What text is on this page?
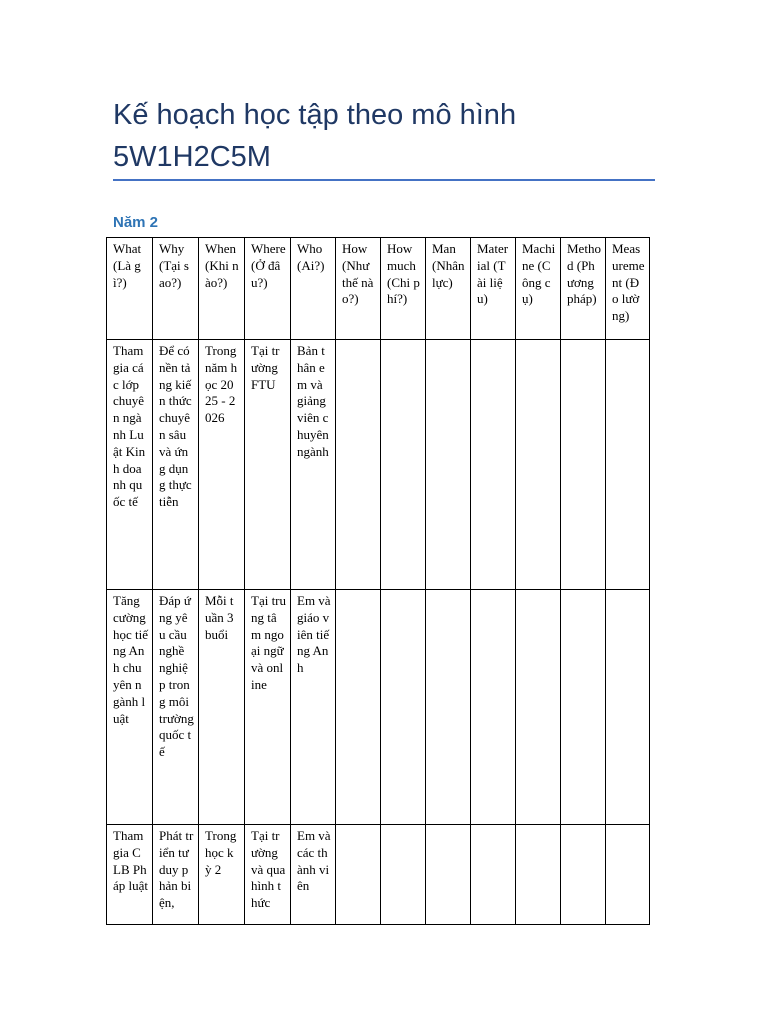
Kế hoạch học tập theo mô hình 5W1H2C5M
Năm 2
What (Là gì?)	Why (Tại sao?)	When (Khi nào?)	Where (Ở đâu?)	Who (Ai?)	How (Như thế nào?)	How much (Chi phí?)	Man (Nhân lực)	Material (Tài liệu)	Machine (Công cụ)	Method (Phương pháp)	Measurement (Đo lường)
Tham gia các lớp chuyên ngành Luật Kinh doanh quốc tế	Để có nền tảng kiến thức chuyên sâu và ứng dụng thực tiễn	Trong năm học 2025 - 2026	Tại trường FTU	Bản thân em và giảng viên chuyên ngành							
Tăng cường học tiếng Anh chuyên ngành luật	Đáp ứng yêu cầu nghề nghiệp trong môi trường quốc tế	Mỗi tuần 3 buổi	Tại trung tâm ngoại ngữ và online	Em và giáo viên tiếng Anh							
Tham gia CLB Pháp luật	Phát triển tư duy phản biện,	Trong học kỳ 2	Tại trường và qua hình thức	Em và các thành viên							
